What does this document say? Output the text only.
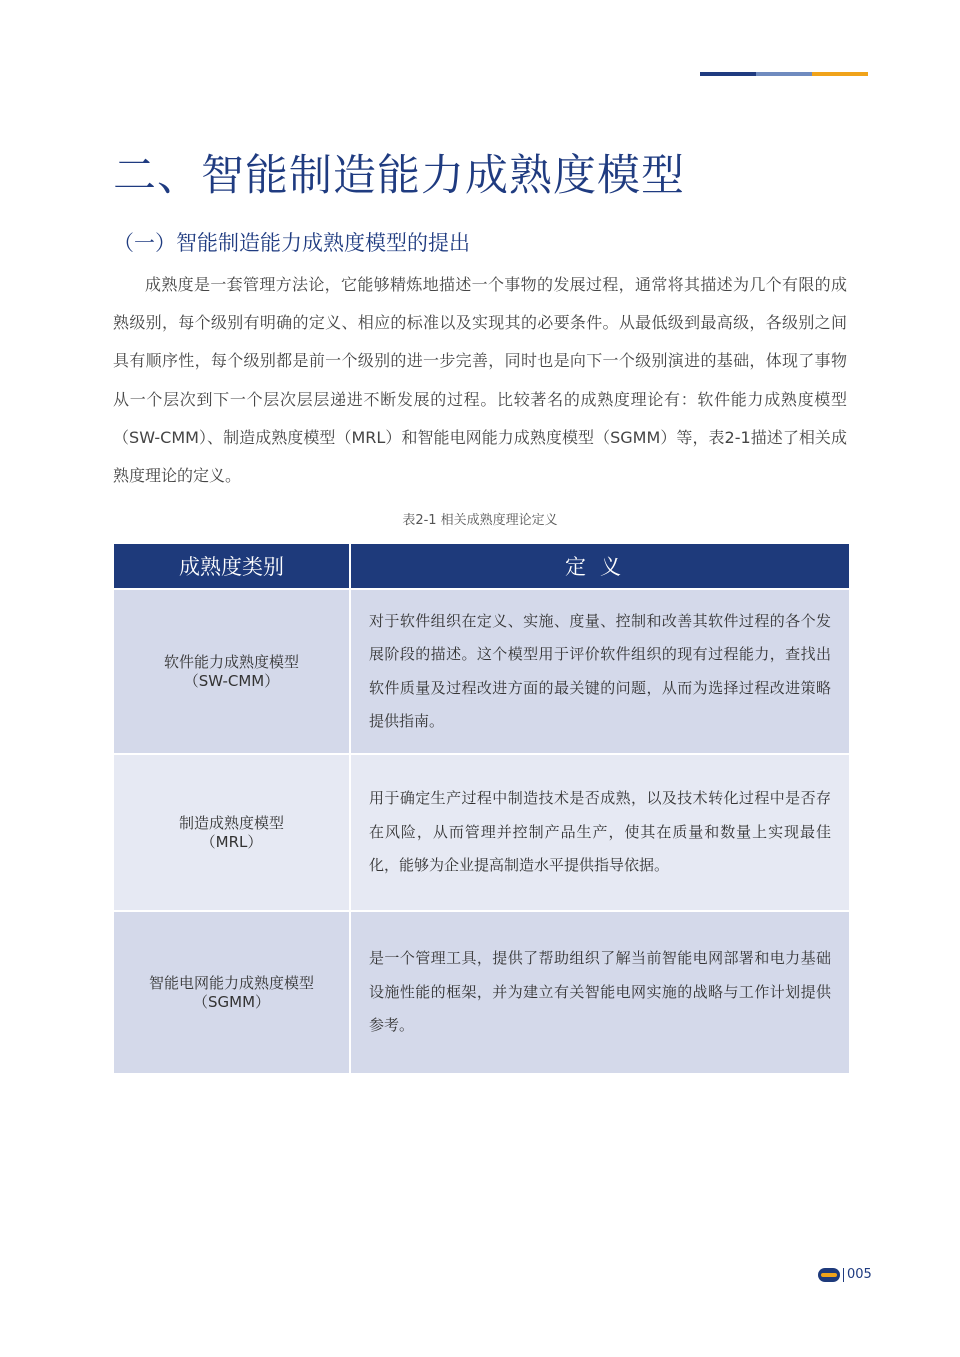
二、智能制造能力成熟度模型
（一）智能制造能力成熟度模型的提出

成熟度是一套管理方法论，它能够精炼地描述一个事物的发展过程，通常将其描述为几个有限的成熟级别，每个级别有明确的定义、相应的标准以及实现其的必要条件。从最低级到最高级，各级别之间具有顺序性，每个级别都是前一个级别的进一步完善，同时也是向下一个级别演进的基础，体现了事物从一个层次到下一个层次层层递进不断发展的过程。比较著名的成熟度理论有：软件能力成熟度模型（SW-CMM）、制造成熟度模型（MRL）和智能电网能力成熟度模型（SGMM）等，表2-1描述了相关成熟度理论的定义。

表2-1 相关成熟度理论定义
成熟度类别	定义

软件能力成熟度模型
（SW-CMM）	对于软件组织在定义、实施、度量、控制和改善其软件过程的各个发展阶段的描述。这个模型用于评价软件组织的现有过程能力，查找出软件质量及过程改进方面的最关键的问题，从而为选择过程改进策略提供指南。

制造成熟度模型
（MRL）	用于确定生产过程中制造技术是否成熟，以及技术转化过程中是否存在风险，从而管理并控制产品生产，使其在质量和数量上实现最佳化，能够为企业提高制造水平提供指导依据。

智能电网能力成熟度模型
（SGMM）	是一个管理工具，提供了帮助组织了解当前智能电网部署和电力基础设施性能的框架，并为建立有关智能电网实施的战略与工作计划提供参考。
005
